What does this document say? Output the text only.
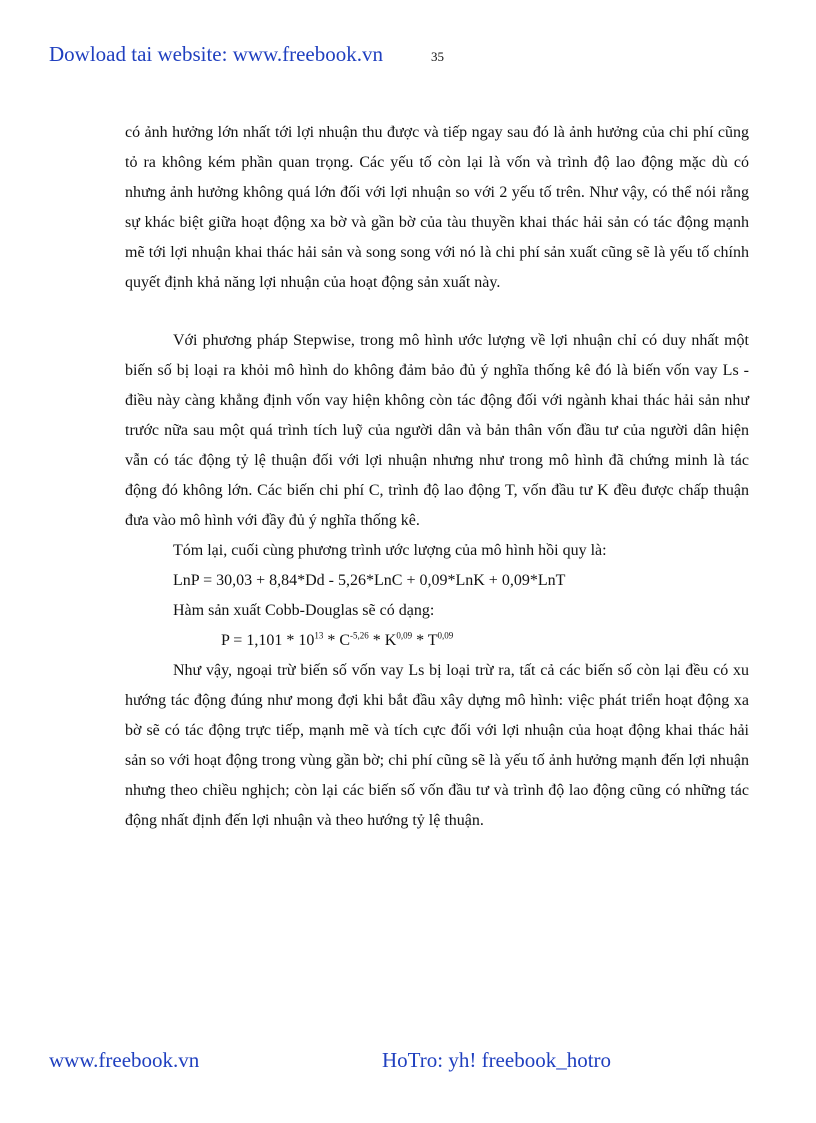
Dowload tai website: www.freebook.vn	35

có ảnh hưởng lớn nhất tới lợi nhuận thu được và tiếp ngay sau đó là ảnh hưởng của chi phí cũng tỏ ra không kém phần quan trọng. Các yếu tố còn lại là vốn và trình độ lao động mặc dù có nhưng ảnh hưởng không quá lớn đối với lợi nhuận so với 2 yếu tố trên. Như vậy, có thể nói rằng sự khác biệt giữa hoạt động xa bờ và gần bờ của tàu thuyền khai thác hải sản có tác động mạnh mẽ tới lợi nhuận khai thác hải sản và song song với nó là chi phí sản xuất cũng sẽ là yếu tố chính quyết định khả năng lợi nhuận của hoạt động sản xuất này.

Với phương pháp Stepwise, trong mô hình ước lượng về lợi nhuận chỉ có duy nhất một biến số bị loại ra khỏi mô hình do không đảm bảo đủ ý nghĩa thống kê đó là biến vốn vay Ls - điều này càng khẳng định vốn vay hiện không còn tác động đối với ngành khai thác hải sản như trước nữa sau một quá trình tích luỹ của người dân và bản thân vốn đầu tư của người dân hiện vẫn có tác động tỷ lệ thuận đối với lợi nhuận nhưng như trong mô hình đã chứng minh là tác động đó không lớn. Các biến chi phí C, trình độ lao động T, vốn đầu tư K đều được chấp thuận đưa vào mô hình với đầy đủ ý nghĩa thống kê.

Tóm lại, cuối cùng phương trình ước lượng của mô hình hồi quy là:

LnP = 30,03 + 8,84*Dd - 5,26*LnC + 0,09*LnK + 0,09*LnT

Hàm sản xuất Cobb-Douglas sẽ có dạng:

$P = 1,101 * 10^{13} * C^{-5,26} * K^{0,09} * T^{0,09}$

Như vậy, ngoại trừ biến số vốn vay Ls bị loại trừ ra, tất cả các biến số còn lại đều có xu hướng tác động đúng như mong đợi khi bắt đầu xây dựng mô hình: việc phát triển hoạt động xa bờ sẽ có tác động trực tiếp, mạnh mẽ và tích cực đối với lợi nhuận của hoạt động khai thác hải sản so với hoạt động trong vùng gần bờ; chi phí cũng sẽ là yếu tố ảnh hưởng mạnh đến lợi nhuận nhưng theo chiều nghịch; còn lại các biến số vốn đầu tư và trình độ lao động cũng có những tác động nhất định đến lợi nhuận và theo hướng tỷ lệ thuận.

www.freebook.vn	HoTro: yh! freebook_hotro
